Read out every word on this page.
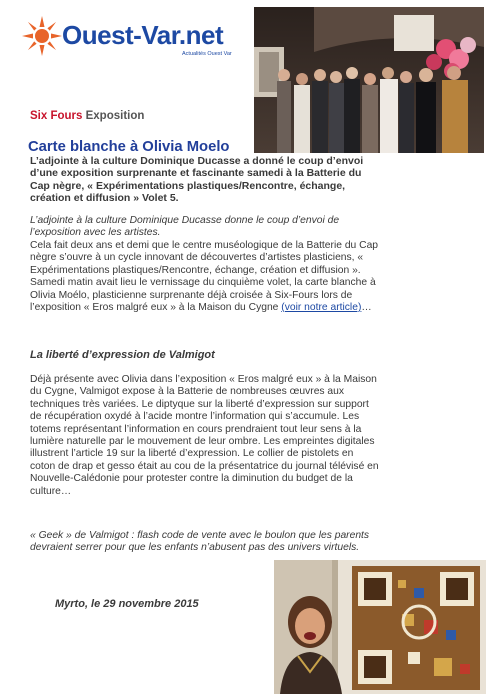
Ouest-Var.net
Actualités Ouest Var
Six Fours Exposition
Carte blanche à Olivia Moelo

L’adjointe à la culture Dominique Ducasse a donné le coup d’envoi d’une exposition surprenante et fascinante samedi à la Batterie du Cap nègre, « Expérimentations plastiques/Rencontre, échange, création et diffusion » Volet 5.

L’adjointe à la culture Dominique Ducasse donne le coup d’envoi de l’exposition avec les artistes.

Cela fait deux ans et demi que le centre muséologique de la Batterie du Cap nègre s’ouvre à un cycle innovant de découvertes d’artistes plasticiens, « Expérimentations plastiques/Rencontre, échange, création et diffusion ». Samedi matin avait lieu le vernissage du cinquième volet, la carte blanche à Olivia Moélo, plasticienne surprenante déjà croisée à Six-Fours lors de l’exposition « Eros malgré eux » à la Maison du Cygne (voir notre article)…

La liberté d’expression de Valmigot

Déjà présente avec Olivia dans l’exposition « Eros malgré eux » à la Maison du Cygne, Valmigot expose à la Batterie de nombreuses œuvres aux techniques très variées. Le diptyque sur la liberté d’expression sur support de récupération oxydé à l’acide montre l’information qui s’accumule. Les totems représentant l’information en cours prendraient tout leur sens à la lumière naturelle par le mouvement de leur ombre. Les empreintes digitales illustrent l’article 19 sur la liberté d’expression. Le collier de pistolets en coton de drap et gesso était au cou de la présentatrice du journal télévisé en Nouvelle-Calédonie pour protester contre la diminution du budget de la culture…

« Geek » de Valmigot : flash code de vente avec le boulon que les parents devraient serrer pour que les enfants n’abusent pas des univers virtuels.

Myrto, le 29 novembre 2015
